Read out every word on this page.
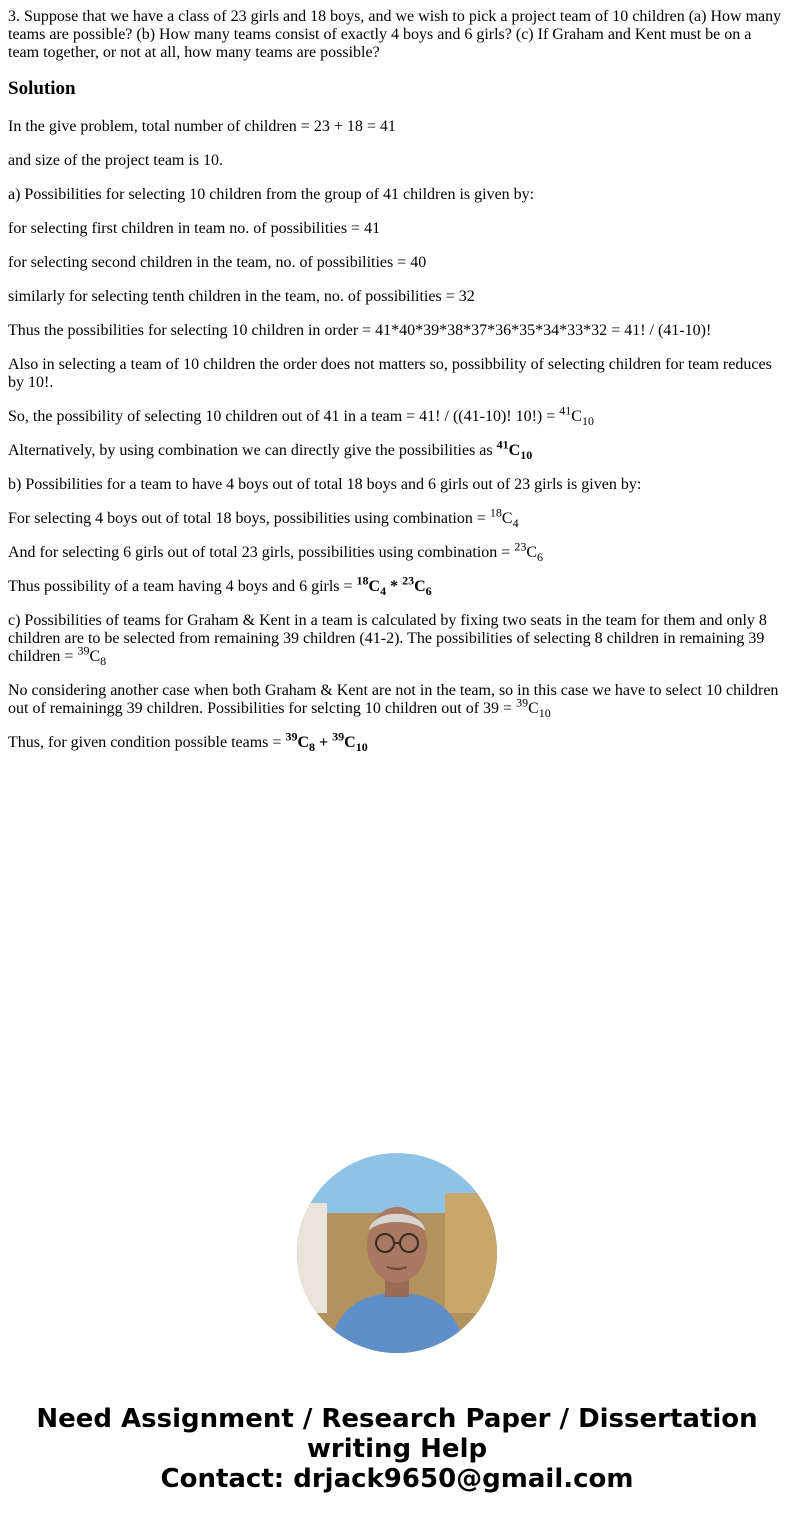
3. Suppose that we have a class of 23 girls and 18 boys, and we wish to pick a project team of 10 children (a) How many teams are possible? (b) How many teams consist of exactly 4 boys and 6 girls? (c) If Graham and Kent must be on a team together, or not at all, how many teams are possible?

Solution

In the give problem, total number of children = 23 + 18 = 41

and size of the project team is 10.

a) Possibilities for selecting 10 children from the group of 41 children is given by:

for selecting first children in team no. of possibilities = 41

for selecting second children in the team, no. of possibilities = 40

similarly for selecting tenth children in the team, no. of possibilities = 32

Thus the possibilities for selecting 10 children in order = 41*40*39*38*37*36*35*34*33*32 = 41! / (41-10)!

Also in selecting a team of 10 children the order does not matters so, possibbility of selecting children for team reduces by 10!.

So, the possibility of selecting 10 children out of 41 in a team = 41! / ((41-10)! $10!) = ^{41}C_{10}$

Alternatively, by using combination we can directly give the possibilities as $^{41}C_{10}$

b) Possibilities for a team to have 4 boys out of total 18 boys and 6 girls out of 23 girls is given by:

For selecting 4 boys out of total 18 boys, possibilities using combination = $^{18}C_4$

And for selecting 6 girls out of total 23 girls, possibilities using combination = $^{23}C_6$

Thus possibility of a team having 4 boys and 6 girls = $^{18}C_4 * ^{23}C_6$

c) Possibilities of teams for Graham & Kent in a team is calculated by fixing two seats in the team for them and only 8 children are to be selected from remaining 39 children (41-2). The possibilities of selecting 8 children in remaining 39 children = $^{39}C_8$

No considering another case when both Graham & Kent are not in the team, so in this case we have to select 10 children out of remainingg 39 children. Possibilities for selcting 10 children out of $39 = ^{39}C_{10}$

Thus, for given condition possible teams = $^{39}C_8 + ^{39}C_{10}$

Need Assignment / Research Paper / Dissertation
writing Help
Contact: drjack9650@gmail.com
